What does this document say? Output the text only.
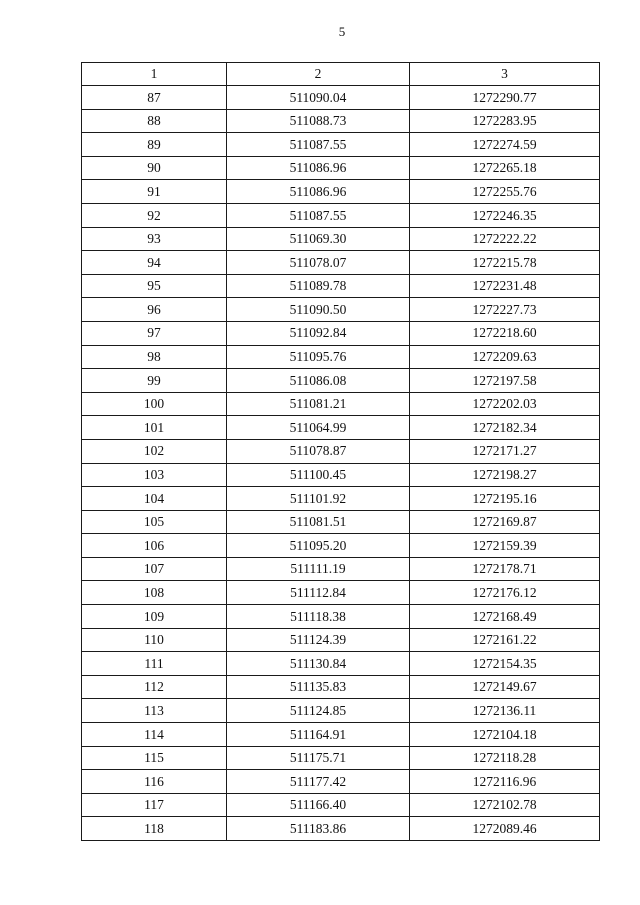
5
1	2	3
87	511090.04	1272290.77
88	511088.73	1272283.95
89	511087.55	1272274.59
90	511086.96	1272265.18
91	511086.96	1272255.76
92	511087.55	1272246.35
93	511069.30	1272222.22
94	511078.07	1272215.78
95	511089.78	1272231.48
96	511090.50	1272227.73
97	511092.84	1272218.60
98	511095.76	1272209.63
99	511086.08	1272197.58
100	511081.21	1272202.03
101	511064.99	1272182.34
102	511078.87	1272171.27
103	511100.45	1272198.27
104	511101.92	1272195.16
105	511081.51	1272169.87
106	511095.20	1272159.39
107	511111.19	1272178.71
108	511112.84	1272176.12
109	511118.38	1272168.49
110	511124.39	1272161.22
111	511130.84	1272154.35
112	511135.83	1272149.67
113	511124.85	1272136.11
114	511164.91	1272104.18
115	511175.71	1272118.28
116	511177.42	1272116.96
117	511166.40	1272102.78
118	511183.86	1272089.46
